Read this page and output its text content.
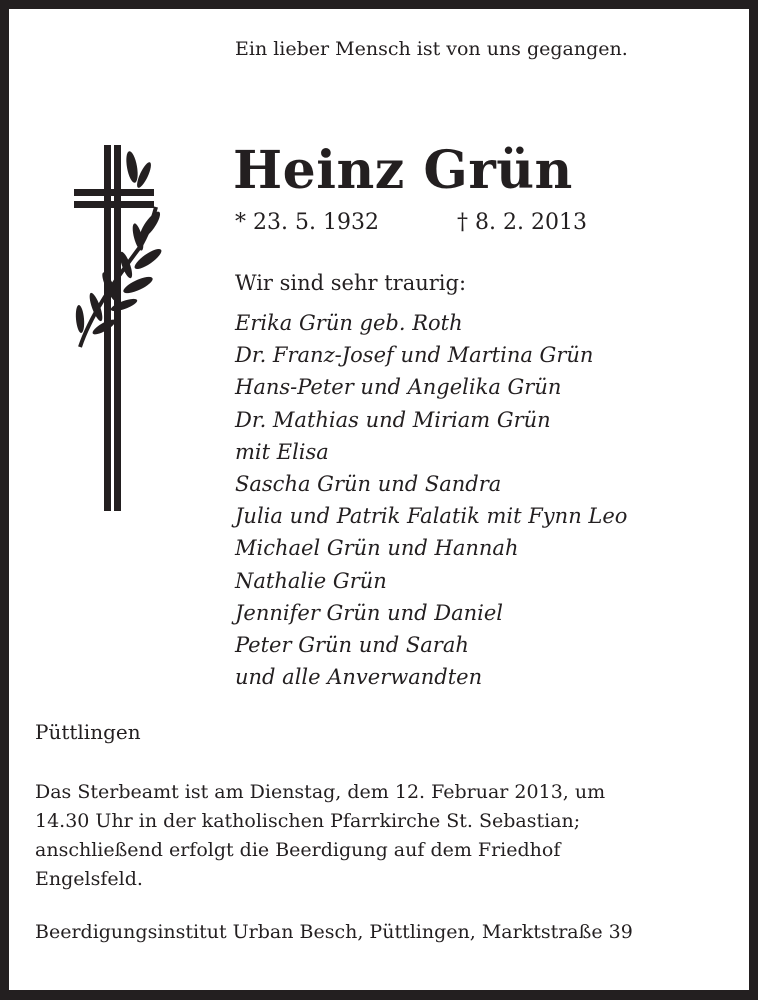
Ein lieber Mensch ist von uns gegangen.
Heinz Grün
* 23. 5. 1932	† 8. 2. 2013
Wir sind sehr traurig:
Erika Grün geb. Roth
Dr. Franz-Josef und Martina Grün
Hans-Peter und Angelika Grün
Dr. Mathias und Miriam Grün
mit Elisa
Sascha Grün und Sandra
Julia und Patrik Falatik mit Fynn Leo
Michael Grün und Hannah
Nathalie Grün
Jennifer Grün und Daniel
Peter Grün und Sarah
und alle Anverwandten
Püttlingen
Das Sterbeamt ist am Dienstag, dem 12. Februar 2013, um
14.30 Uhr in der katholischen Pfarrkirche St. Sebastian;
anschließend erfolgt die Beerdigung auf dem Friedhof
Engelsfeld.
Beerdigungsinstitut Urban Besch, Püttlingen, Marktstraße 39
